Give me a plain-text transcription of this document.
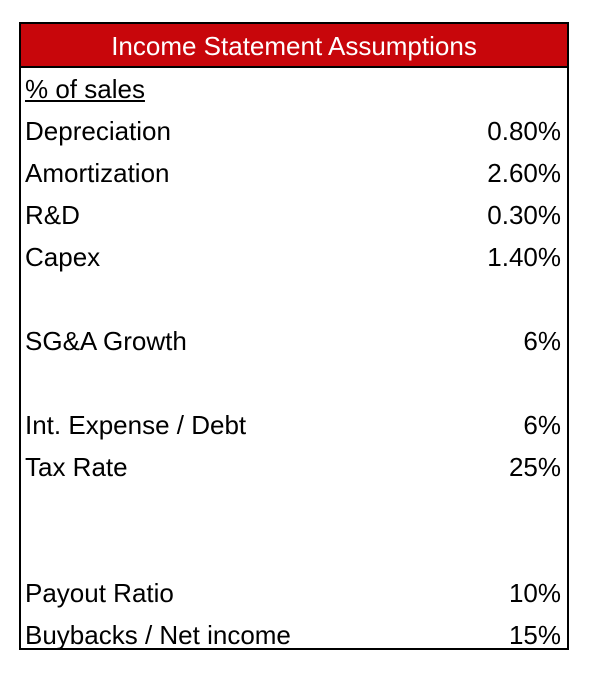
Income Statement Assumptions
% of sales
Depreciation	0.80%
Amortization	2.60%
R&D	0.30%
Capex	1.40%
SG&A Growth	6%
Int. Expense / Debt	6%
Tax Rate	25%
Payout Ratio	10%
Buybacks / Net income	15%
